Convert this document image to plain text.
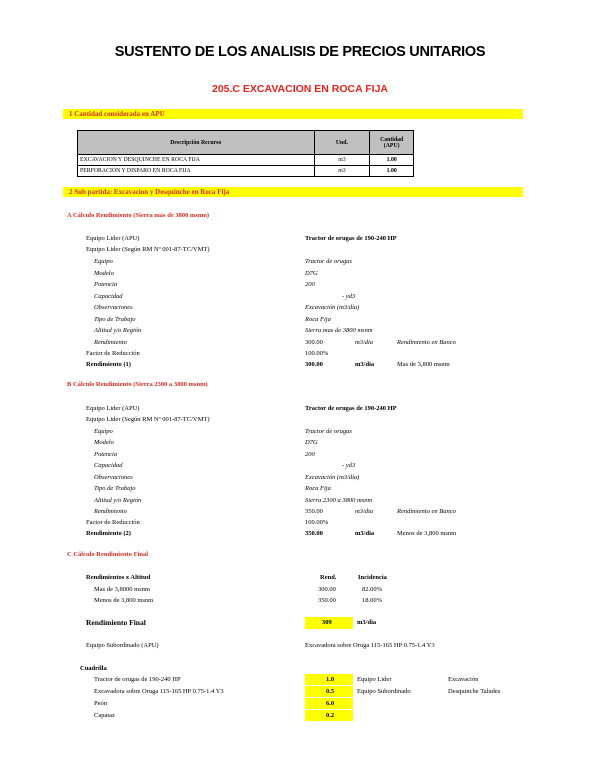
SUSTENTO DE LOS ANALISIS DE PRECIOS UNITARIOS
205.C EXCAVACION EN ROCA FIJA
1 Cantidad considerada en APU
Descripción Recurso	Und.	Cantidad (APU)
EXCAVACION Y DESQUINCHE EN ROCA FIJA	m3	1.00
PERFORACION Y DISPARO EN ROCA FIJA	m3	1.00
2 Sub partida: Excavacion y Desquinche en Roca Fija
A Cálculo Rendimiento (Sierra mas de 3800 msnm)
Equipo Lider (APU)	Tractor de orugas de 190-240 HP
Equipo Lider (Según RM Nº 001-87-TC/VMT)
Equipo	Tractor de orugas
Modelo	D7G
Potencia	200
Capacidad	- yd3
Observaciones	Excavación (m3/día)
Tipo de Trabajo	Roca Fija
Altitud y/o Región	Sierra mas de 3800 msnm
Rendimiento	300.00	m3/dia	Rendimiento en Banco
Factor de Reducción	100.00%
Rendimiento (1)	300.00	m3/dia	Mas de 3,800 msnm
B Cálculo Rendimiento (Sierra 2300 a 3800 msnm)
Equipo Lider (APU)	Tractor de orugas de 190-240 HP
Equipo Lider (Según RM Nº 001-87-TC/VMT)
Equipo	Tractor de orugas
Modelo	D7G
Potencia	200
Capacidad	- yd3
Observaciones	Excavación (m3/día)
Tipo de Trabajo	Roca Fija
Altitud y/o Región	Sierra 2300 a 3800 msnm
Rendimiento	350.00	m3/dia	Rendimiento en Banco
Factor de Reducción	100.00%
Rendimiento (2)	350.00	m3/dia	Menos de 3,800 msnm
C Cálculo Rendimiento Final
Rendimientos x Altitud	Rend.	Incidencia
Mas de 3,8000 msnm	300.00	82.00%
Menos de 3,800 msnm	350.00	18.00%
Rendimiento Final	309	m3/dia
Equipo Subordinado (APU)	Excavadora sobre Oruga 115-165 HP 0.75-1.4 Y3
Cuadrilla
Tractor de orugas de 190-240 HP	1.0	Equipo Lider	Excavación
Excavadora sobre Oruga 115-165 HP 0.75-1.4 Y3	0.5	Equipo Subordinado	Desquinche Taludes
Peón	6.0
Capataz	0.2
